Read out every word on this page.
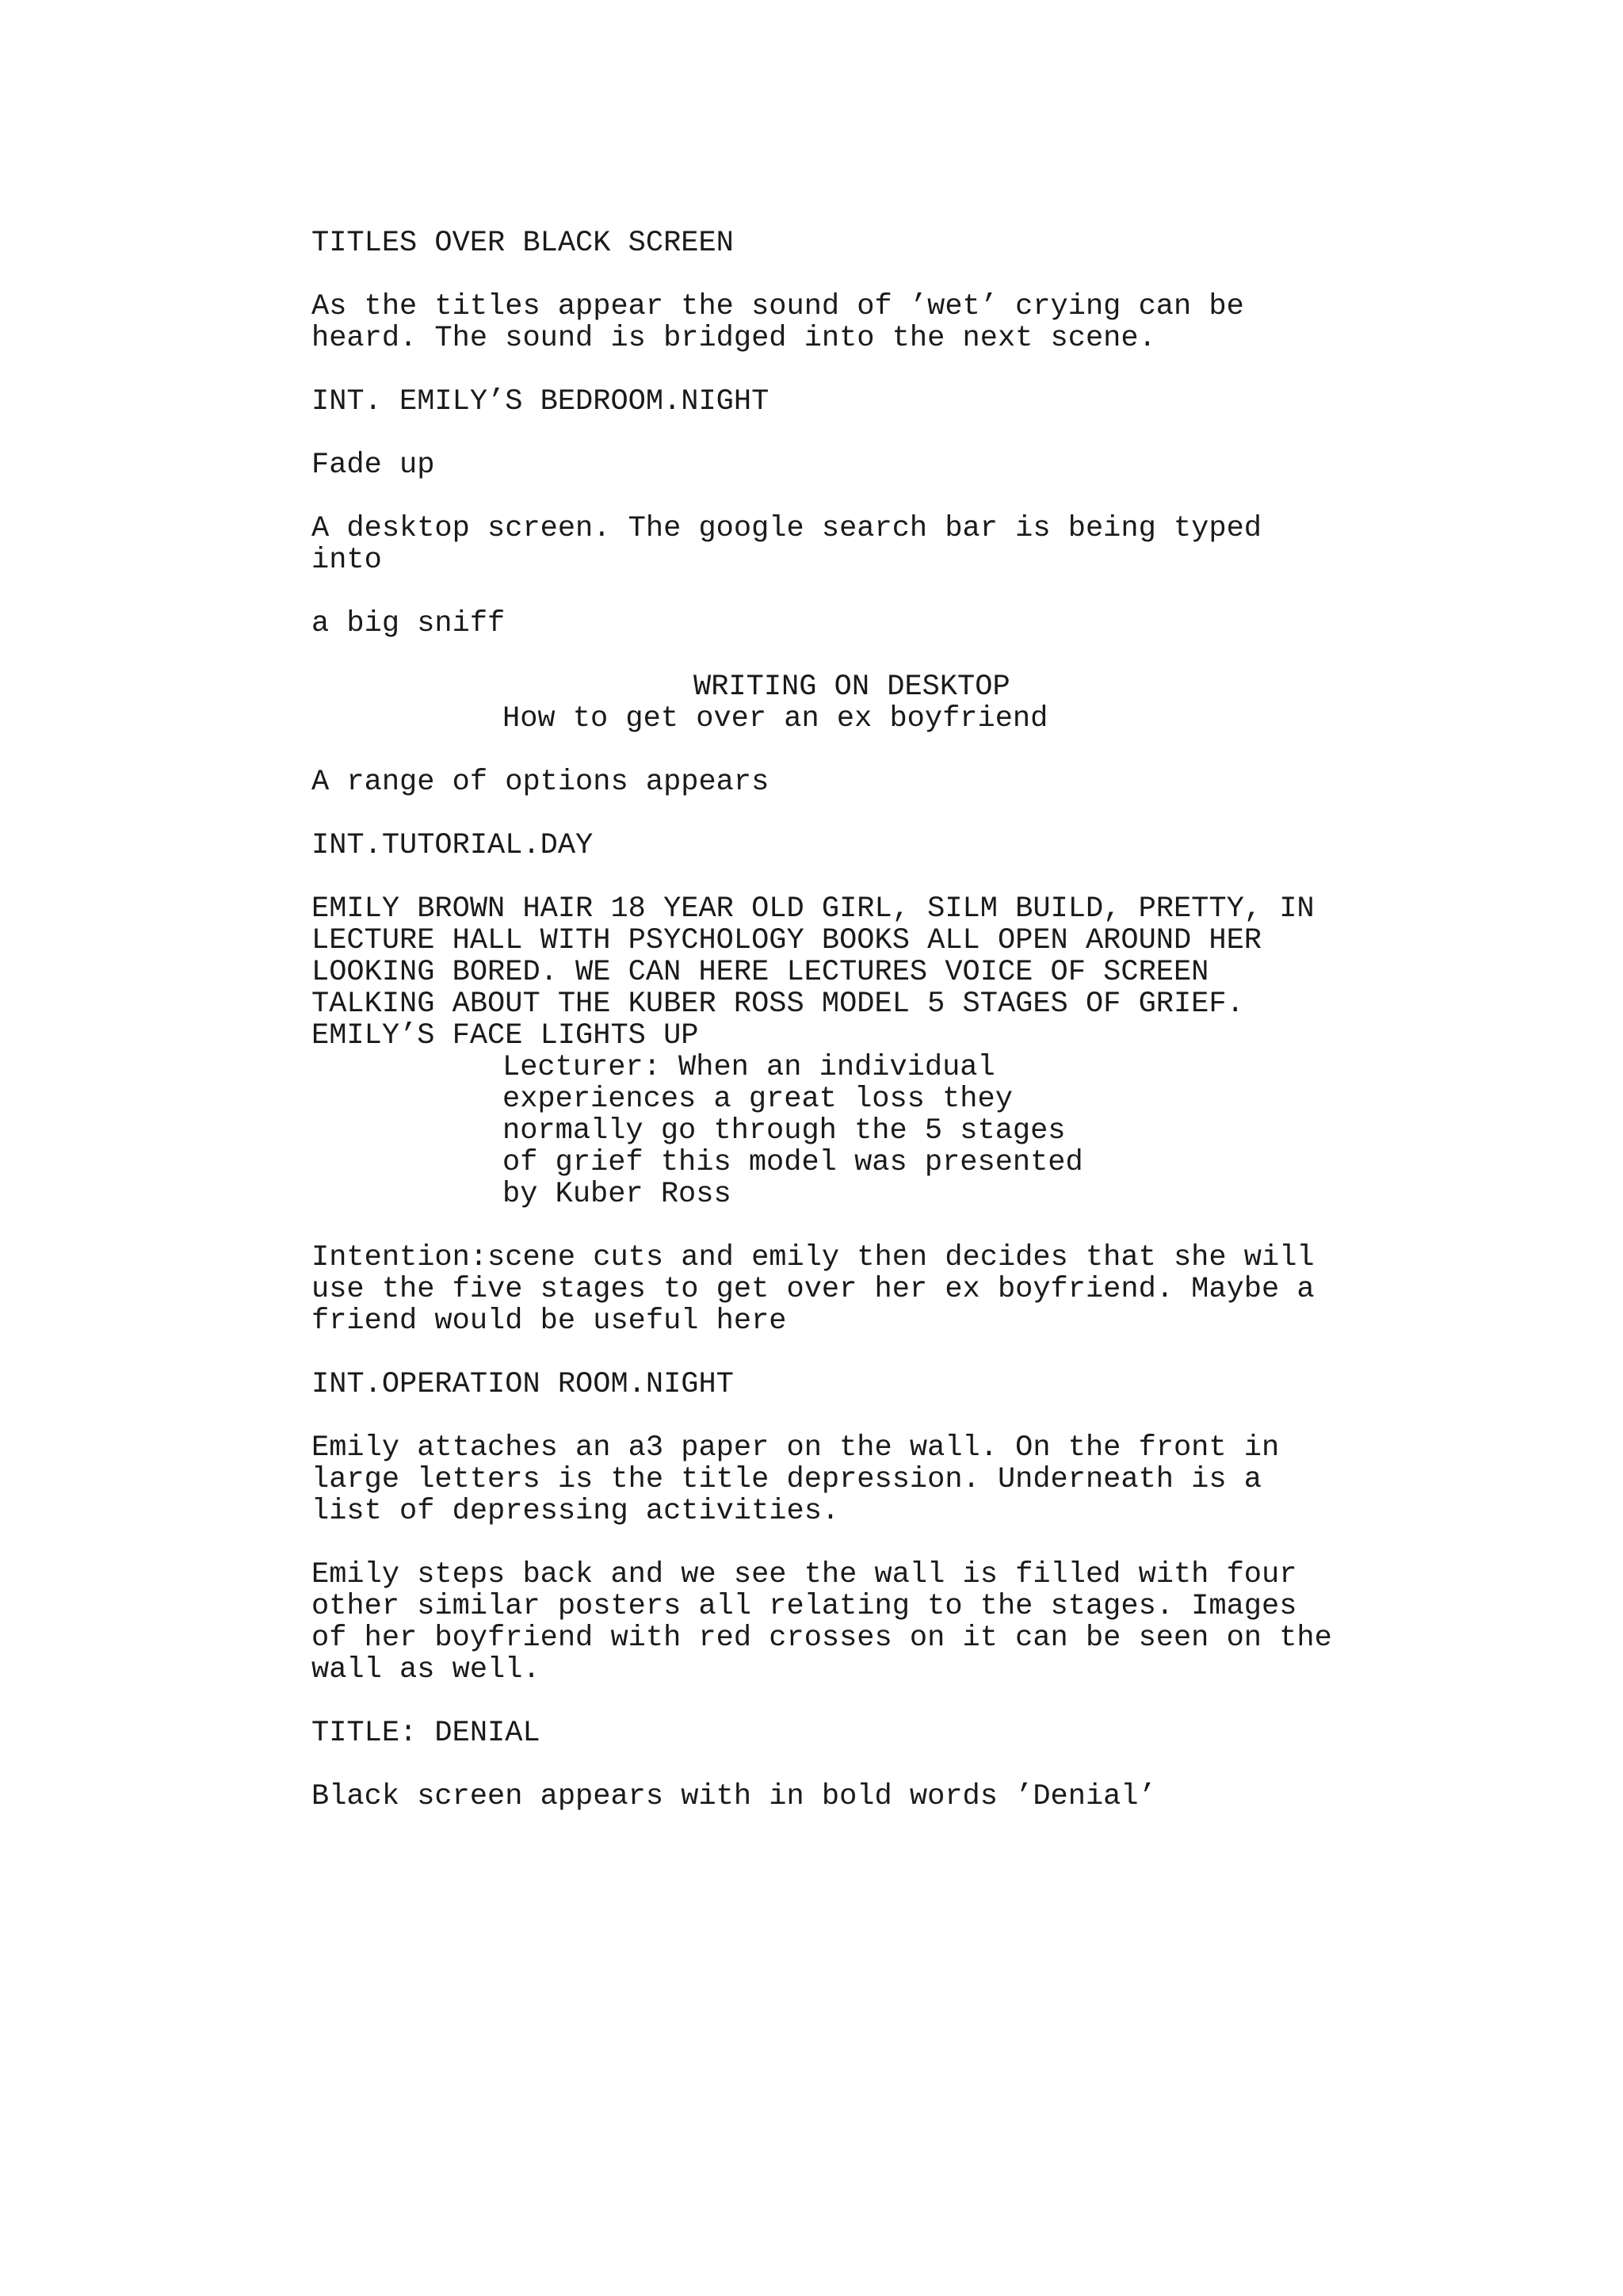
TITLES OVER BLACK SCREEN
As the titles appear the sound of ’wet’ crying can be
heard. The sound is bridged into the next scene.
INT. EMILY’S BEDROOM.NIGHT
Fade up
A desktop screen. The google search bar is being typed
into
a big sniff
WRITING ON DESKTOP
How to get over an ex boyfriend
A range of options appears
INT.TUTORIAL.DAY
EMILY BROWN HAIR 18 YEAR OLD GIRL, SILM BUILD, PRETTY, IN
LECTURE HALL WITH PSYCHOLOGY BOOKS ALL OPEN AROUND HER
LOOKING BORED. WE CAN HERE LECTURES VOICE OF SCREEN
TALKING ABOUT THE KUBER ROSS MODEL 5 STAGES OF GRIEF.
EMILY’S FACE LIGHTS UP
Lecturer: When an individual
experiences a great loss they
normally go through the 5 stages
of grief this model was presented
by Kuber Ross
Intention:scene cuts and emily then decides that she will
use the five stages to get over her ex boyfriend. Maybe a
friend would be useful here
INT.OPERATION ROOM.NIGHT
Emily attaches an a3 paper on the wall. On the front in
large letters is the title depression. Underneath is a
list of depressing activities.
Emily steps back and we see the wall is filled with four
other similar posters all relating to the stages. Images
of her boyfriend with red crosses on it can be seen on the
wall as well.
TITLE: DENIAL
Black screen appears with in bold words ’Denial’
